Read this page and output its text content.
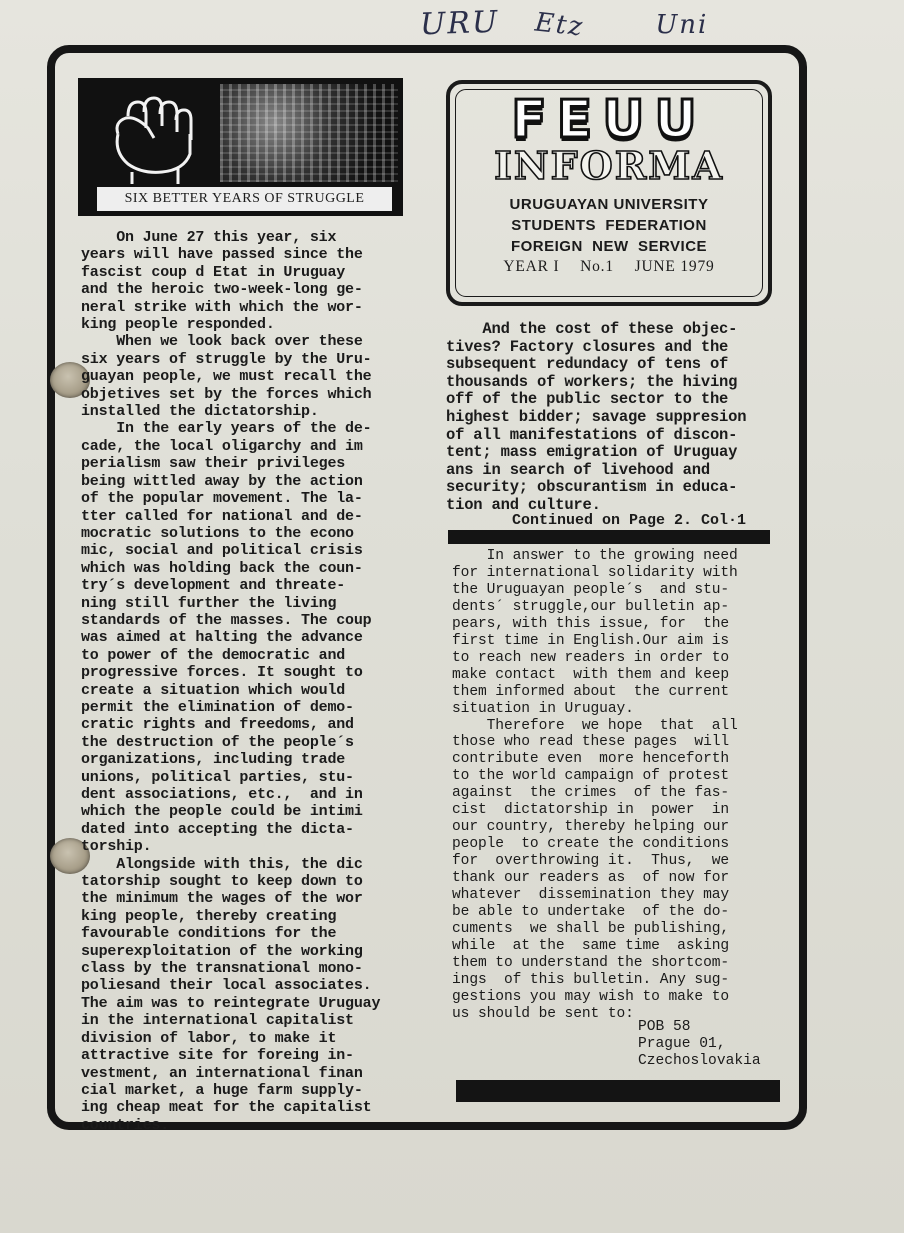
URU Etz	Uni
SIX BETTER YEARS OF STRUGGLE
FEUU
INFORMA
URUGUAYAN UNIVERSITY
STUDENTS  FEDERATION
FOREIGN  NEW  SERVICE
YEAR I No.1 JUNE 1979
On June 27 this year, six
years will have passed since the
fascist coup d Etat in Uruguay
and the heroic two-week-long ge-
neral strike with which the wor-
king people responded.
When we look back over these
six years of struggle by the Uru-
guayan people, we must recall the
objetives set by the forces which
installed the dictatorship.
In the early years of the de-
cade, the local oligarchy and im
perialism saw their privileges
being wittled away by the action
of the popular movement. The la-
tter called for national and de-
mocratic solutions to the econo
mic, social and political crisis
which was holding back the coun-
try´s development and threate-
ning still further the living
standards of the masses. The coup
was aimed at halting the advance
to power of the democratic and
progressive forces. It sought to
create a situation which would
permit the elimination of demo-
cratic rights and freedoms, and
the destruction of the people´s
organizations, including trade
unions, political parties, stu-
dent associations, etc.,  and in
which the people could be intimi
dated into accepting the dicta-
torship.
Alongside with this, the dic
tatorship sought to keep down to
the minimum the wages of the wor
king people, thereby creating
favourable conditions for the
superexploitation of the working
class by the transnational mono-
poliesand their local associates.
The aim was to reintegrate Uruguay
in the international capitalist
division of labor, to make it
attractive site for foreing in-
vestment, an international finan
cial market, a huge farm supply-
ing cheap meat for the capitalist
countries.
And the cost of these objec-
tives? Factory closures and the
subsequent redundacy of tens of
thousands of workers; the hiving
off of the public sector to the
highest bidder; savage suppresion
of all manifestations of discon-
tent; mass emigration of Uruguay
ans in search of livehood and
security; obscurantism in educa-
tion and culture.
Continued on Page 2. Col·1
In answer to the growing need
for international solidarity with
the Uruguayan people´s  and stu-
dents´ struggle,our bulletin ap-
pears, with this issue, for  the
first time in English.Our aim is
to reach new readers in order to
make contact  with them and keep
them informed about  the current
situation in Uruguay.
Therefore  we hope  that  all
those who read these pages  will
contribute even  more henceforth
to the world campaign of protest
against  the crimes  of the fas-
cist  dictatorship in  power  in
our country, thereby helping our
people  to create the conditions
for  overthrowing it.  Thus,  we
thank our readers as  of now for
whatever  dissemination they may
be able to undertake  of the do-
cuments  we shall be publishing,
while  at the  same time  asking
them to understand the shortcom-
ings  of this bulletin. Any sug-
gestions you may wish to make to
us should be sent to:
POB 58
Prague 01,
Czechoslovakia
